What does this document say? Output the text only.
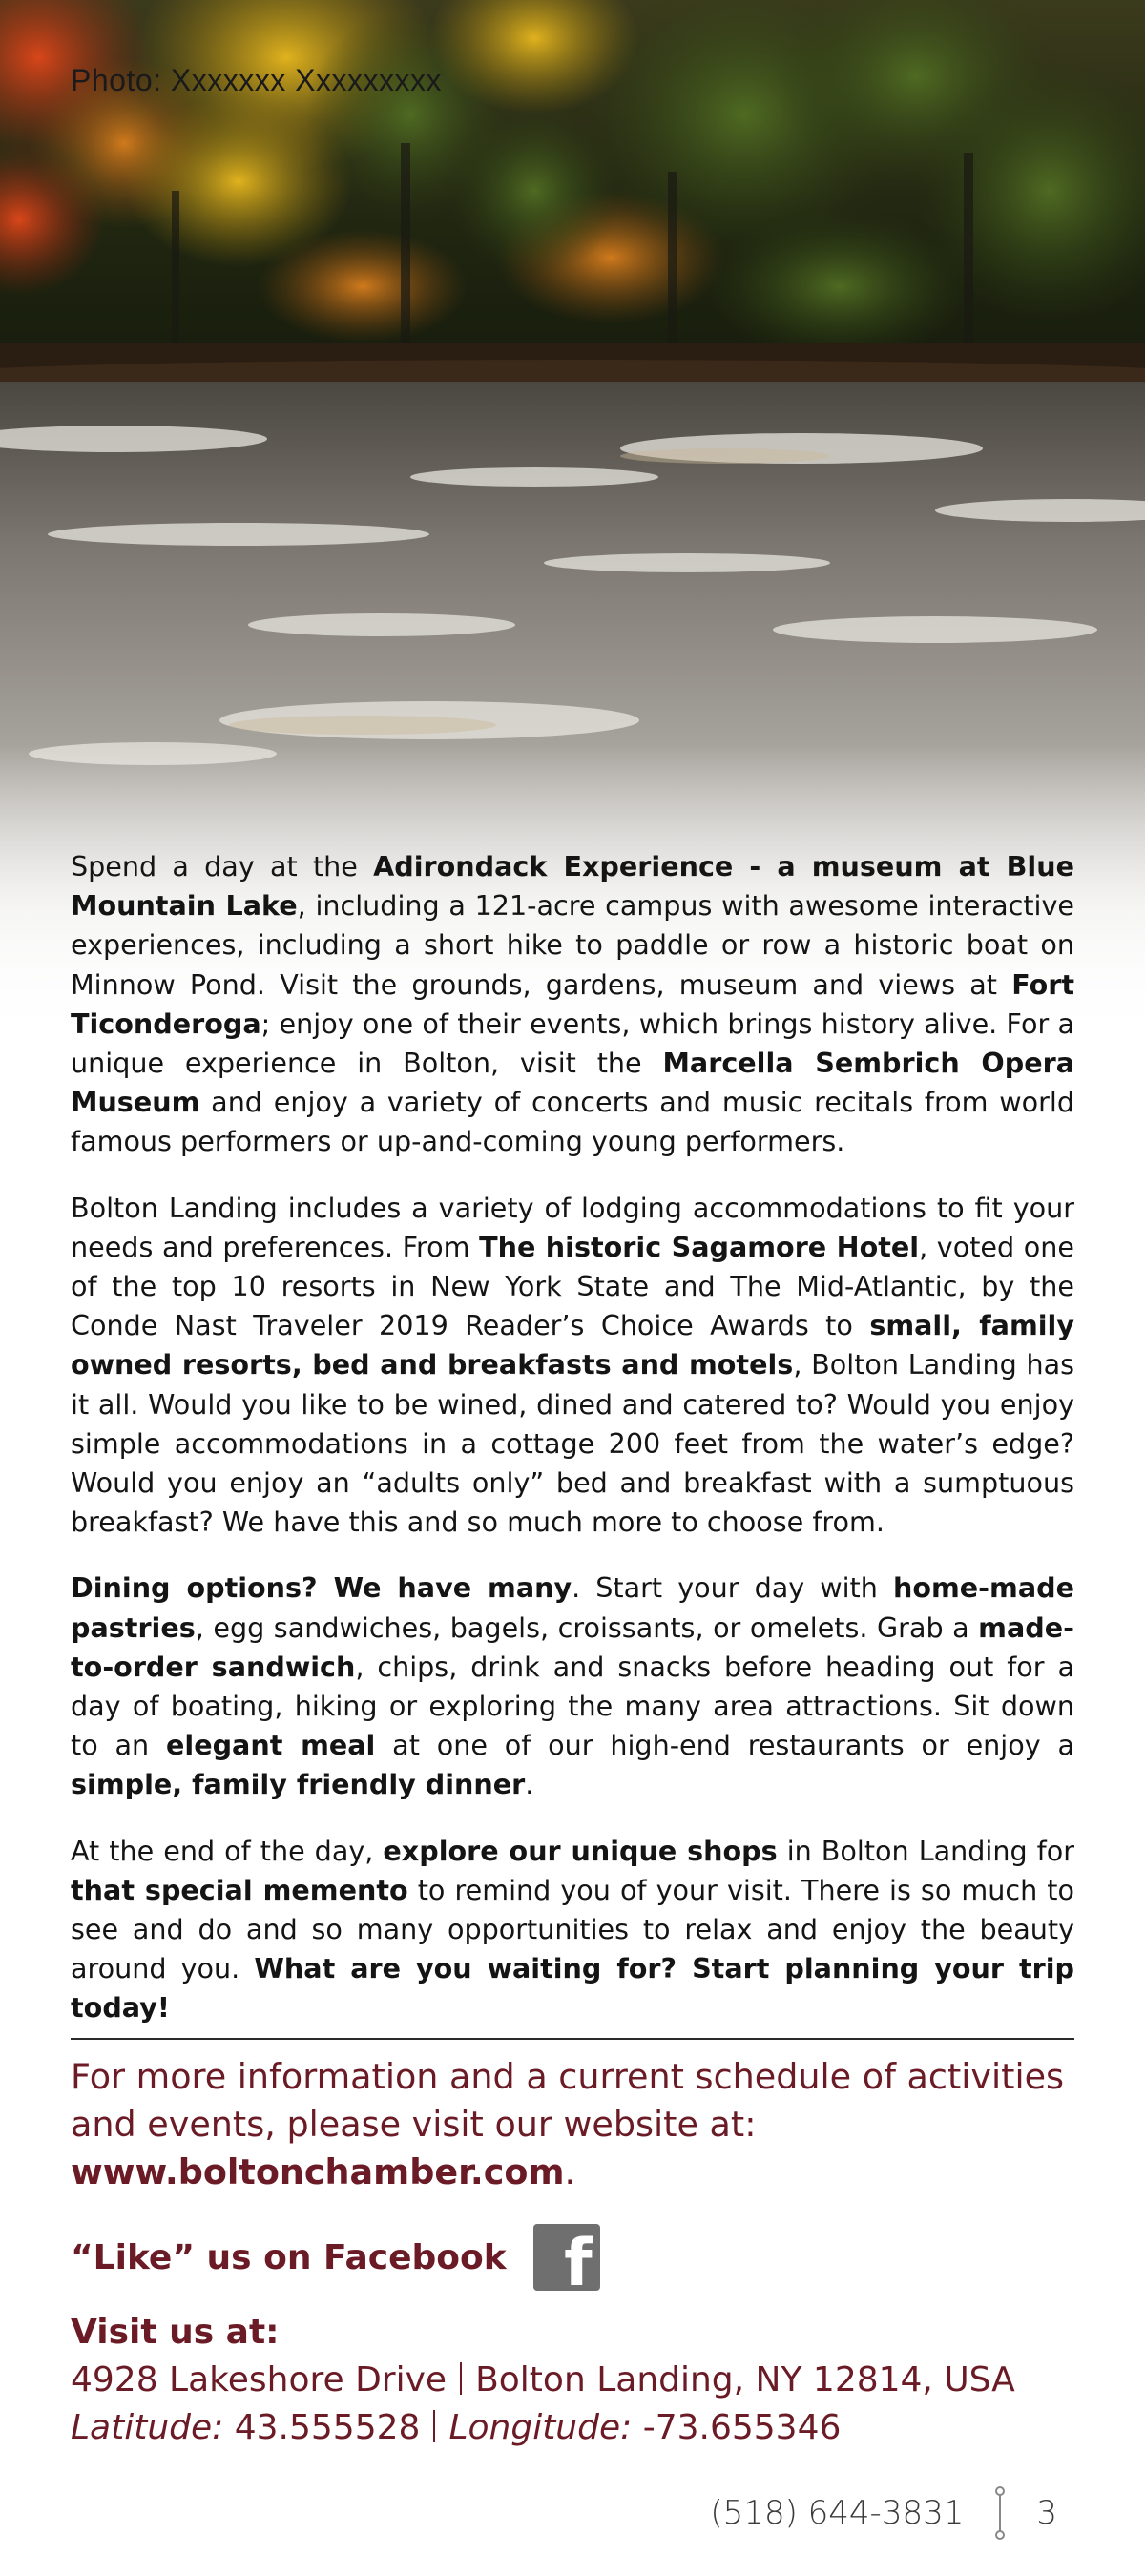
Photo: Xxxxxxx Xxxxxxxxx

Spend a day at the Adirondack Experience - a museum at Blue Mountain Lake, including a 121-acre campus with awesome interactive experiences, including a short hike to paddle or row a historic boat on Minnow Pond. Visit the grounds, gardens, museum and views at Fort Ticonderoga; enjoy one of their events, which brings history alive. For a unique experience in Bolton, visit the Marcella Sembrich Opera Museum and enjoy a variety of concerts and music recitals from world famous performers or up-and-coming young performers.

Bolton Landing includes a variety of lodging accommodations to fit your needs and preferences. From The historic Sagamore Hotel, voted one of the top 10 resorts in New York State and The Mid-Atlantic, by the Conde Nast Traveler 2019 Reader’s Choice Awards to small, family owned resorts, bed and breakfasts and motels, Bolton Landing has it all. Would you like to be wined, dined and catered to? Would you enjoy simple accommodations in a cottage 200 feet from the water’s edge? Would you enjoy an “adults only” bed and breakfast with a sumptuous breakfast? We have this and so much more to choose from.

Dining options? We have many. Start your day with home-made pastries, egg sandwiches, bagels, croissants, or omelets. Grab a made-to-order sandwich, chips, drink and snacks before heading out for a day of boating, hiking or exploring the many area attractions. Sit down to an elegant meal at one of our high-end restaurants or enjoy a simple, family friendly dinner.

At the end of the day, explore our unique shops in Bolton Landing for that special memento to remind you of your visit. There is so much to see and do and so many opportunities to relax and enjoy the beauty around you. What are you waiting for? Start planning your trip today!

For more information and a current schedule of activities and events, please visit our website at: www.boltonchamber.com.
“Like” us on Facebook f
Visit us at:
4928 Lakeshore Drive Bolton Landing, NY 12814, USA
Latitude: 43.555528 Longitude: -73.655346
(518) 644-3831 3
